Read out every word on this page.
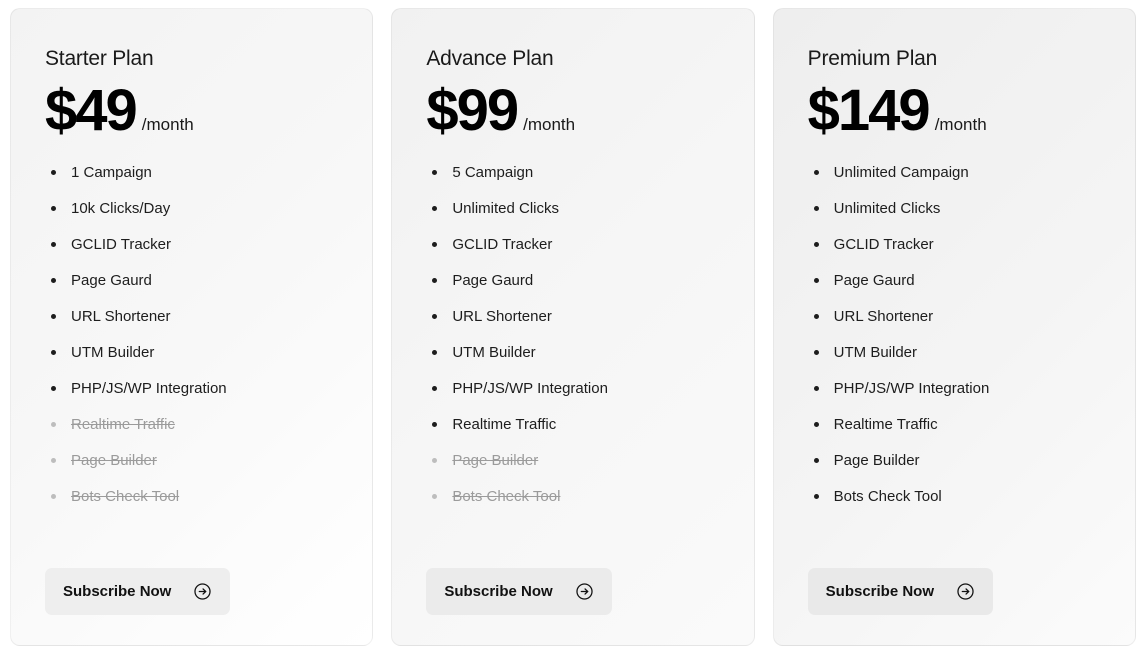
Starter Plan
$49 /month
1 Campaign
10k Clicks/Day
GCLID Tracker
Page Gaurd
URL Shortener
UTM Builder
PHP/JS/WP Integration
Realtime Traffic
Page Builder
Bots Check Tool
Subscribe Now
Advance Plan
$99 /month
5 Campaign
Unlimited Clicks
GCLID Tracker
Page Gaurd
URL Shortener
UTM Builder
PHP/JS/WP Integration
Realtime Traffic
Page Builder
Bots Check Tool
Subscribe Now
Premium Plan
$149 /month
Unlimited Campaign
Unlimited Clicks
GCLID Tracker
Page Gaurd
URL Shortener
UTM Builder
PHP/JS/WP Integration
Realtime Traffic
Page Builder
Bots Check Tool
Subscribe Now
